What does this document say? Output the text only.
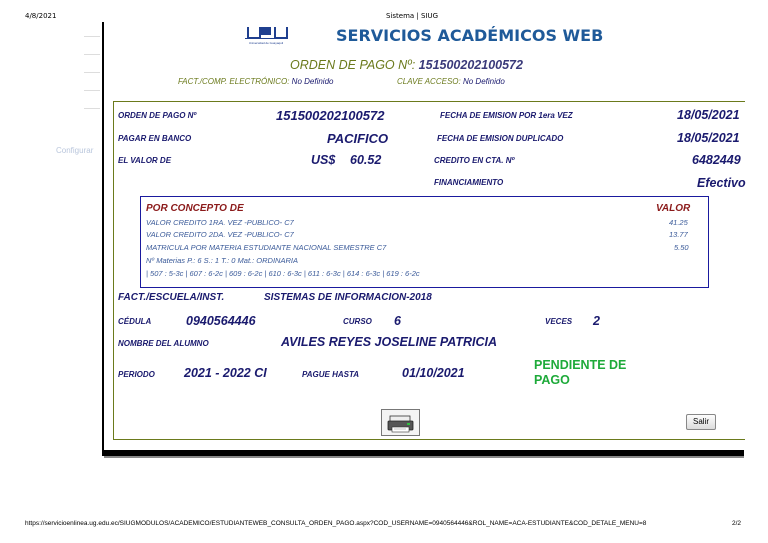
4/8/2021	Sistema | SIUG
Configurar
Universidad de Guayaquil	SERVICIOS ACADÉMICOS WEB
ORDEN DE PAGO Nº: 151500202100572
FACT./COMP. ELECTRÓNICO: No Definido	CLAVE ACCESO: No Definido
ORDEN DE PAGO Nº	151500202100572	FECHA DE EMISION POR 1era VEZ	18/05/2021
PAGAR EN BANCO	PACIFICO	FECHA DE EMISION DUPLICADO	18/05/2021
EL VALOR DE	US$ 60.52	CREDITO EN CTA. Nº	6482449
FINANCIAMIENTO	Efectivo
POR CONCEPTO DE	VALOR
VALOR CREDITO 1RA. VEZ -PUBLICO- C7	41.25
VALOR CREDITO 2DA. VEZ -PUBLICO- C7	13.77
MATRICULA POR MATERIA ESTUDIANTE NACIONAL SEMESTRE C7	5.50
Nº Materias P.: 6 S.: 1 T.: 0 Mat.: ORDINARIA
| 507 : 5-3c | 607 : 6-2c | 609 : 6-2c | 610 : 6-3c | 611 : 6-3c | 614 : 6-3c | 619 : 6-2c
FACT./ESCUELA/INST.	SISTEMAS DE INFORMACION-2018
CÉDULA	0940564446	CURSO 6	VECES 2
NOMBRE DEL ALUMNO	AVILES REYES JOSELINE PATRICIA
PERIODO 2021 - 2022 CI	PAGUE HASTA	01/10/2021
PENDIENTE DE
PAGO
Salir
https://servicioenlinea.ug.edu.ec/SIUGMODULOS/ACADEMICO/ESTUDIANTEWEB_CONSULTA_ORDEN_PAGO.aspx?COD_USERNAME=0940564446&ROL_NAME=ACA-ESTUDIANTE&COD_DETALE_MENU=8	2/2
